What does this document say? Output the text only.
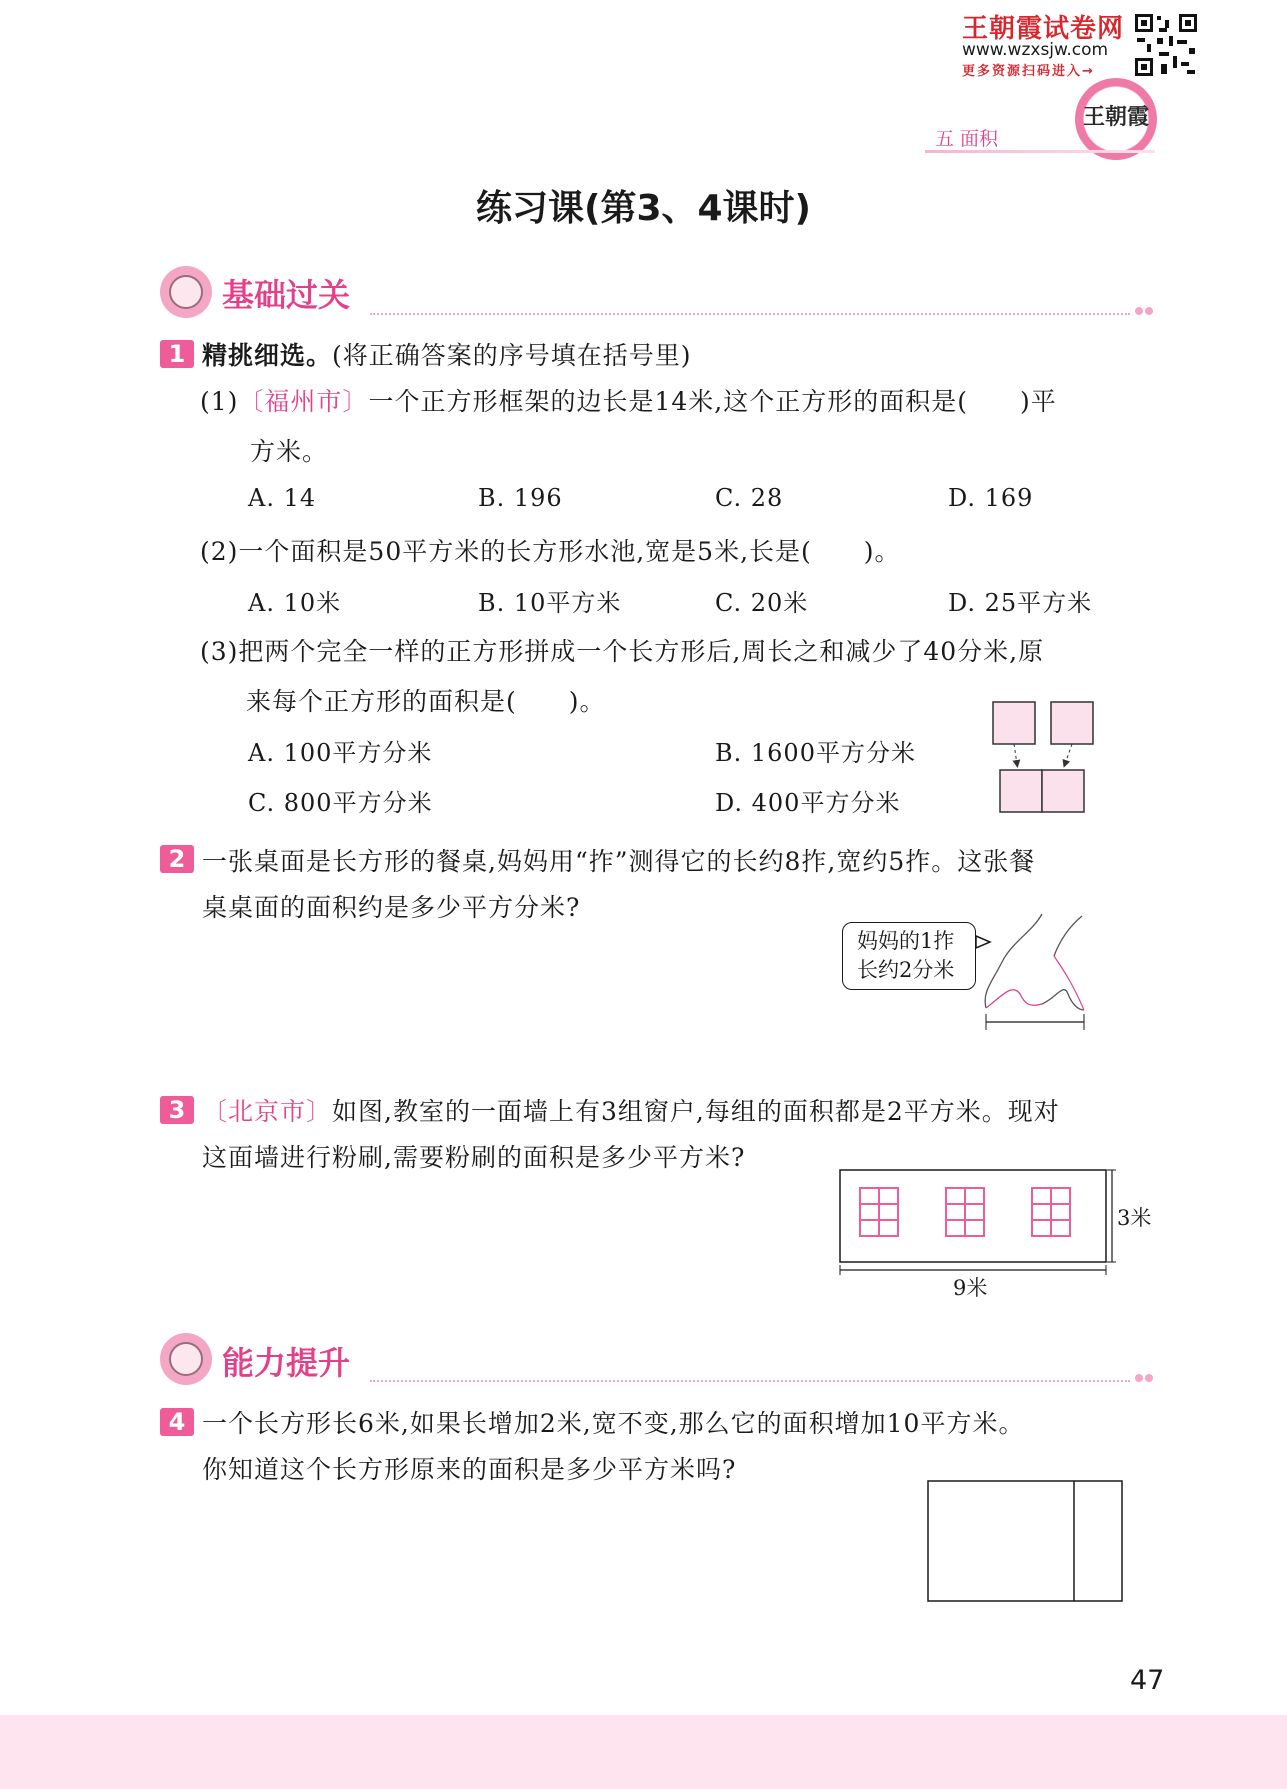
王朝霞试卷网
www.wzxsjw.com
更多资源扫码进入→
王朝霞
五 面积
练习课(第3、4课时)
基础过关
1 精挑细选。(将正确答案的序号填在括号里)
(1)〔福州市〕一个正方形框架的边长是14米,这个正方形的面积是(　　)平
方米。
A. 14	B. 196	C. 28	D. 169
(2)一个面积是50平方米的长方形水池,宽是5米,长是(　　)。
A. 10米	B. 10平方米	C. 20米	D. 25平方米
(3)把两个完全一样的正方形拼成一个长方形后,周长之和减少了40分米,原
来每个正方形的面积是(　　)。
A. 100平方分米	B. 1600平方分米
C. 800平方分米	D. 400平方分米
2 一张桌面是长方形的餐桌,妈妈用“拃”测得它的长约8拃,宽约5拃。这张餐
桌桌面的面积约是多少平方分米?
妈妈的1拃
长约2分米
3 〔北京市〕如图,教室的一面墙上有3组窗户,每组的面积都是2平方米。现对
这面墙进行粉刷,需要粉刷的面积是多少平方米?
3米
9米
能力提升
4 一个长方形长6米,如果长增加2米,宽不变,那么它的面积增加10平方米。
你知道这个长方形原来的面积是多少平方米吗?
47
